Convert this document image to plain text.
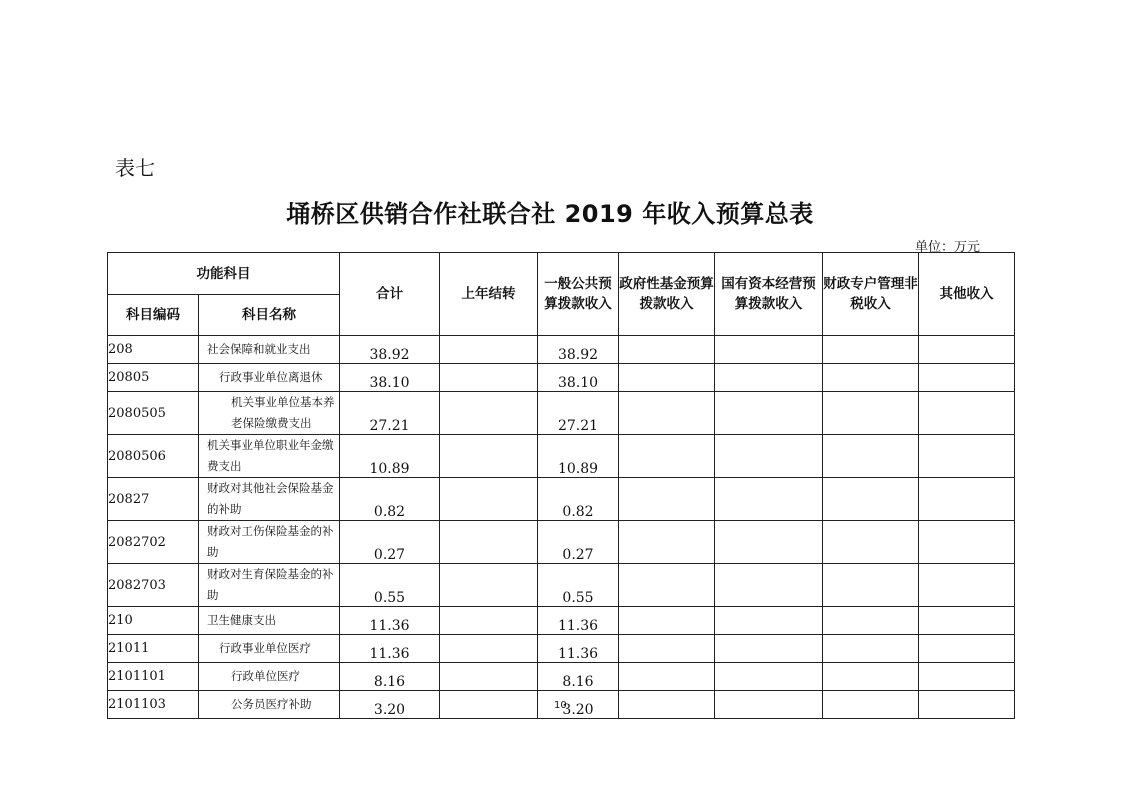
表七
埇桥区供销合作社联合社 2019 年收入预算总表
单位：万元
功能科目		合计	上年结转	一般公共预算拨款收入	政府性基金预算拨款收入	国有资本经营预算拨款收入	财政专户管理非税收入	其他收入
科目编码	科目名称							
208	社会保障和就业支出	38.92		38.92				
20805	行政事业单位离退休	38.10		38.10				
2080505	机关事业单位基本养老保险缴费支出	27.21		27.21				
2080506	机关事业单位职业年金缴费支出	10.89		10.89				
20827	财政对其他社会保险基金的补助	0.82		0.82				
2082702	财政对工伤保险基金的补助	0.27		0.27				
2082703	财政对生育保险基金的补助	0.55		0.55				
210	卫生健康支出	11.36		11.36				
21011	行政事业单位医疗	11.36		11.36				
2101101	行政单位医疗	8.16		8.16				
2101103	公务员医疗补助	3.20		3.20				
10
